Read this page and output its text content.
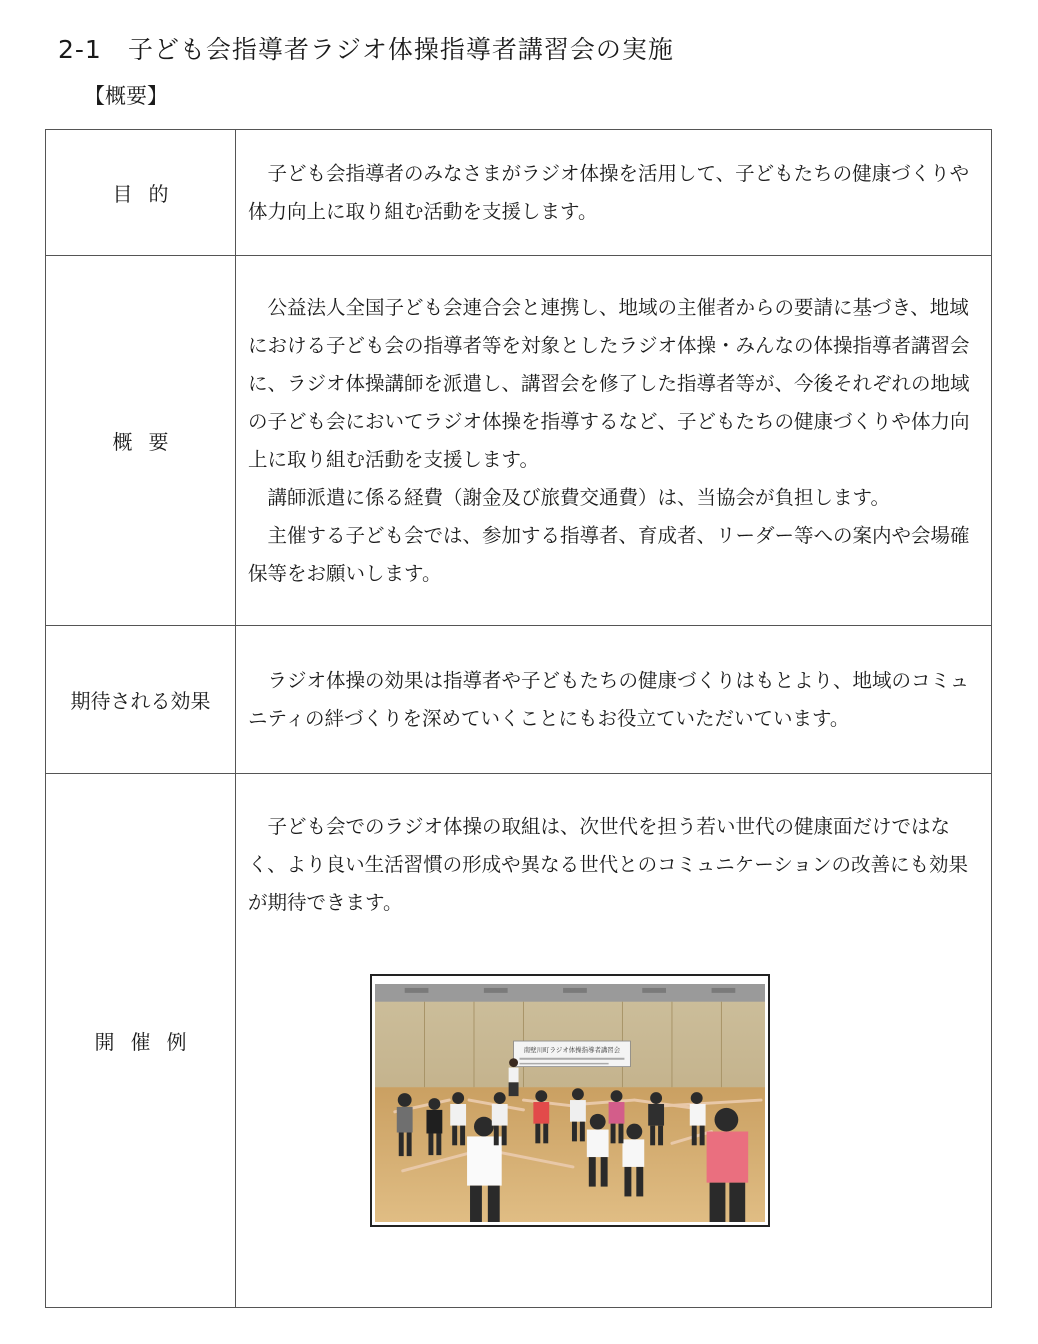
2-1　子ども会指導者ラジオ体操指導者講習会の実施
【概要】
目的	子ども会指導者のみなさまがラジオ体操を活用して、子どもたちの健康づくりや体力向上に取り組む活動を支援します。

概要	公益法人全国子ども会連合会と連携し、地域の主催者からの要請に基づき、地域における子ども会の指導者等を対象としたラジオ体操・みんなの体操指導者講習会に、ラジオ体操講師を派遣し、講習会を修了した指導者等が、今後それぞれの地域の子ども会においてラジオ体操を指導するなど、子どもたちの健康づくりや体力向上に取り組む活動を支援します。

講師派遣に係る経費（謝金及び旅費交通費）は、当協会が負担します。

主催する子ども会では、参加する指導者、育成者、リーダー等への案内や会場確保等をお願いします。

期待される効果	ラジオ体操の効果は指導者や子どもたちの健康づくりはもとより、地域のコミュニティの絆づくりを深めていくことにもお役立ていただいています。

開催例	子ども会でのラジオ体操の取組は、次世代を担う若い世代の健康面だけではなく、より良い生活習慣の形成や異なる世代とのコミュニケーションの改善にも効果が期待できます。

南壁川町ラジオ体操指導者講習会
